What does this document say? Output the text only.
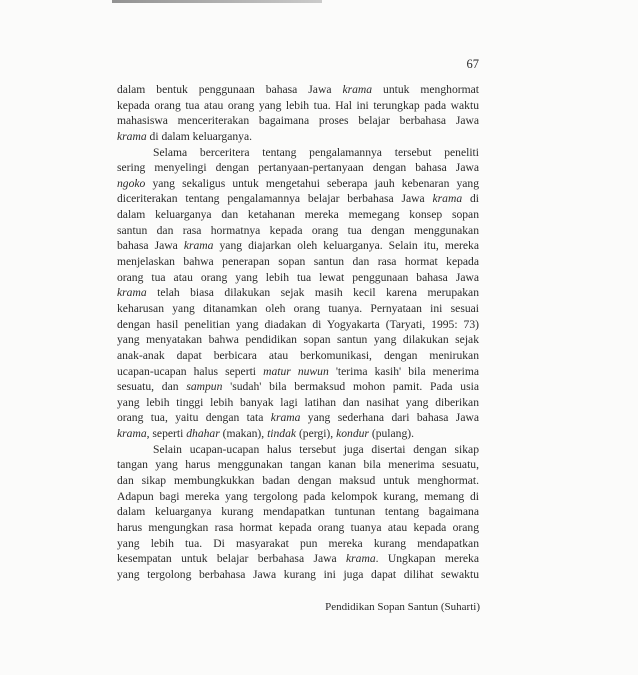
67
dalam bentuk penggunaan bahasa Jawa krama untuk menghormat
kepada orang tua atau orang yang lebih tua. Hal ini terungkap pada waktu
mahasiswa menceriterakan bagaimana proses belajar berbahasa Jawa
krama di dalam keluarganya.
Selama berceritera tentang pengalamannya tersebut peneliti
sering menyelingi dengan pertanyaan-pertanyaan dengan bahasa Jawa
ngoko yang sekaligus untuk mengetahui seberapa jauh kebenaran yang
diceriterakan tentang pengalamannya belajar berbahasa Jawa krama di
dalam keluarganya dan ketahanan mereka memegang konsep sopan
santun dan rasa hormatnya kepada orang tua dengan menggunakan
bahasa Jawa krama yang diajarkan oleh keluarganya. Selain itu, mereka
menjelaskan bahwa penerapan sopan santun dan rasa hormat kepada
orang tua atau orang yang lebih tua lewat penggunaan bahasa Jawa
krama telah biasa dilakukan sejak masih kecil karena merupakan
keharusan yang ditanamkan oleh orang tuanya. Pernyataan ini sesuai
dengan hasil penelitian yang diadakan di Yogyakarta (Taryati, 1995: 73)
yang menyatakan bahwa pendidikan sopan santun yang dilakukan sejak
anak-anak dapat berbicara atau berkomunikasi, dengan menirukan
ucapan-ucapan halus seperti matur nuwun 'terima kasih' bila menerima
sesuatu, dan sampun 'sudah' bila bermaksud mohon pamit. Pada usia
yang lebih tinggi lebih banyak lagi latihan dan nasihat yang diberikan
orang tua, yaitu dengan tata krama yang sederhana dari bahasa Jawa
krama, seperti dhahar (makan), tindak (pergi), kondur (pulang).
Selain ucapan-ucapan halus tersebut juga disertai dengan sikap
tangan yang harus menggunakan tangan kanan bila menerima sesuatu,
dan sikap membungkukkan badan dengan maksud untuk menghormat.
Adapun bagi mereka yang tergolong pada kelompok kurang, memang di
dalam keluarganya kurang mendapatkan tuntunan tentang bagaimana
harus mengungkan rasa hormat kepada orang tuanya atau kepada orang
yang lebih tua. Di masyarakat pun mereka kurang mendapatkan
kesempatan untuk belajar berbahasa Jawa krama. Ungkapan mereka
yang tergolong berbahasa Jawa kurang ini juga dapat dilihat sewaktu
Pendidikan Sopan Santun (Suharti)
